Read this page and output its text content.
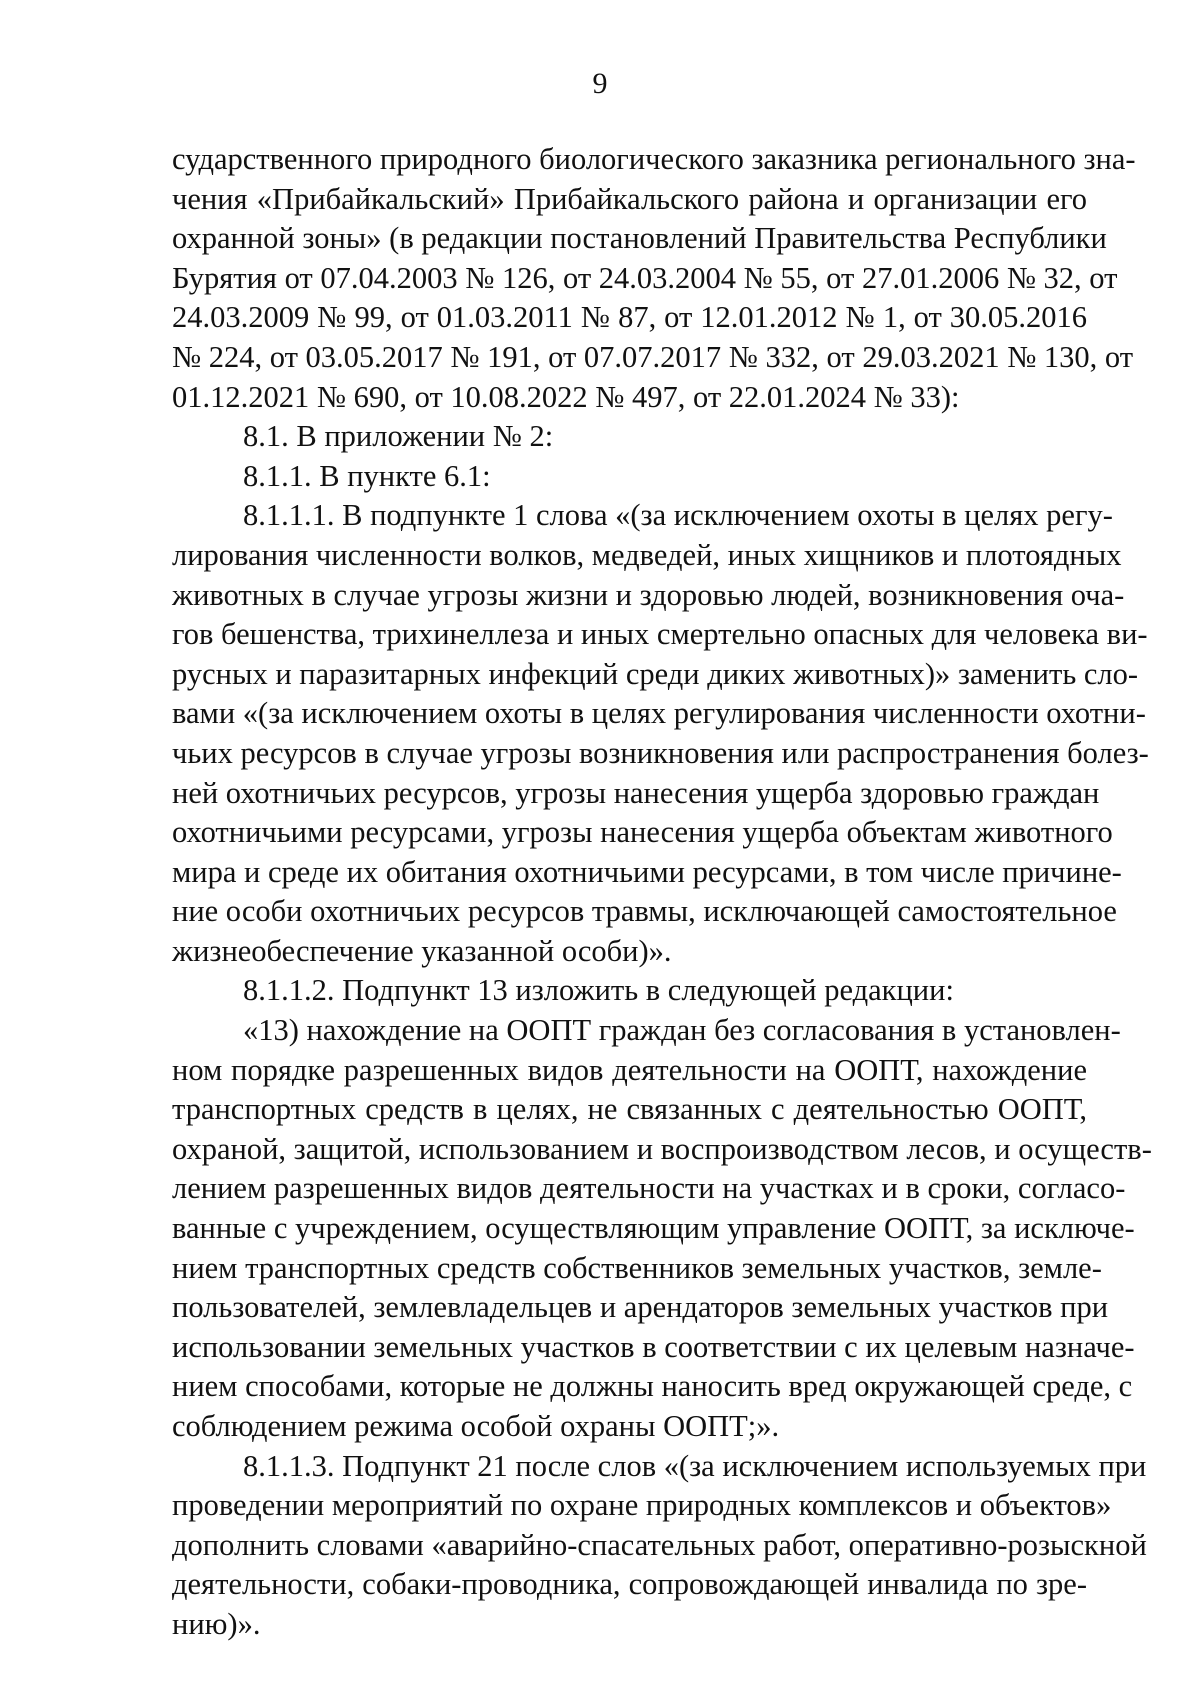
9
сударственного природного биологического заказника регионального зна-
чения «Прибайкальский» Прибайкальского района и организации его
охранной зоны» (в редакции постановлений Правительства Республики
Бурятия от 07.04.2003 № 126, от 24.03.2004 № 55, от 27.01.2006 № 32, от
24.03.2009 № 99, от 01.03.2011 № 87, от 12.01.2012 № 1, от 30.05.2016
№ 224, от 03.05.2017 № 191, от 07.07.2017 № 332, от 29.03.2021 № 130, от
01.12.2021 № 690, от 10.08.2022 № 497, от 22.01.2024 № 33):
8.1. В приложении № 2:
8.1.1. В пункте 6.1:
8.1.1.1. В подпункте 1 слова «(за исключением охоты в целях регу-
лирования численности волков, медведей, иных хищников и плотоядных
животных в случае угрозы жизни и здоровью людей, возникновения оча-
гов бешенства, трихинеллеза и иных смертельно опасных для человека ви-
русных и паразитарных инфекций среди диких животных)» заменить сло-
вами «(за исключением охоты в целях регулирования численности охотни-
чьих ресурсов в случае угрозы возникновения или распространения болез-
ней охотничьих ресурсов, угрозы нанесения ущерба здоровью граждан
охотничьими ресурсами, угрозы нанесения ущерба объектам животного
мира и среде их обитания охотничьими ресурсами, в том числе причине-
ние особи охотничьих ресурсов травмы, исключающей самостоятельное
жизнеобеспечение указанной особи)».
8.1.1.2. Подпункт 13 изложить в следующей редакции:
«13) нахождение на ООПТ граждан без согласования в установлен-
ном порядке разрешенных видов деятельности на ООПТ, нахождение
транспортных средств в целях, не связанных с деятельностью ООПТ,
охраной, защитой, использованием и воспроизводством лесов, и осуществ-
лением разрешенных видов деятельности на участках и в сроки, согласо-
ванные с учреждением, осуществляющим управление ООПТ, за исключе-
нием транспортных средств собственников земельных участков, земле-
пользователей, землевладельцев и арендаторов земельных участков при
использовании земельных участков в соответствии с их целевым назначе-
нием способами, которые не должны наносить вред окружающей среде, с
соблюдением режима особой охраны ООПТ;».
8.1.1.3. Подпункт 21 после слов «(за исключением используемых при
проведении мероприятий по охране природных комплексов и объектов»
дополнить словами «аварийно-спасательных работ, оперативно-розыскной
деятельности, собаки-проводника, сопровождающей инвалида по зре-
нию)».
